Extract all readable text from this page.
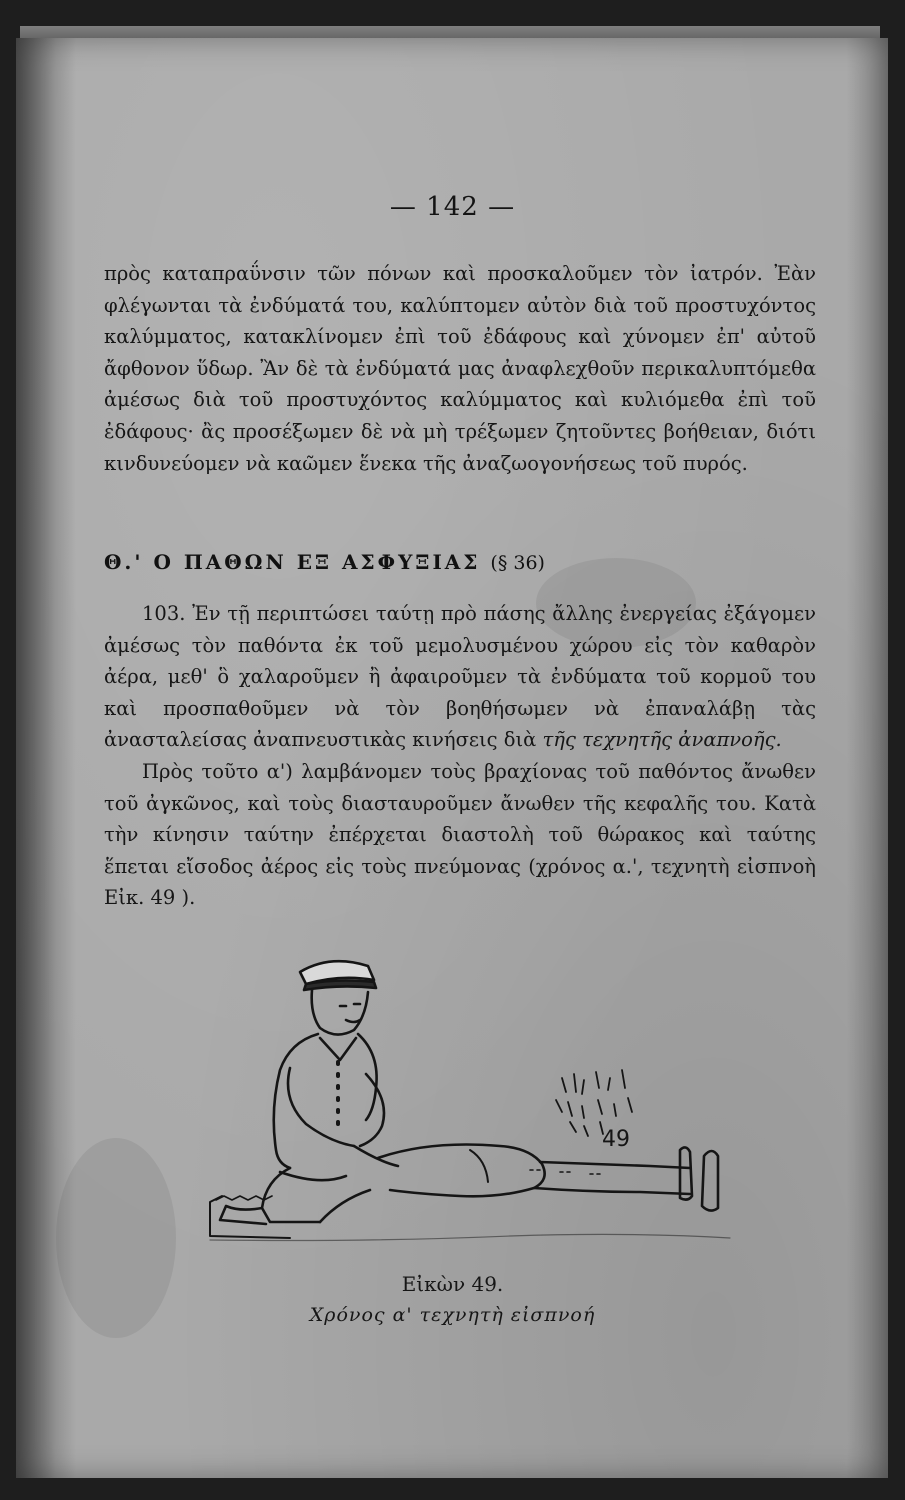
— 142 —

πρὸς καταπραΰνσιν τῶν πόνων καὶ προσκαλοῦμεν τὸν ἰατρόν. Ἐὰν φλέγωνται τὰ ἐνδύματά του, καλύπτομεν αὐτὸν διὰ τοῦ προστυχόντος καλύμματος, κατακλίνομεν ἐπὶ τοῦ ἐδάφους καὶ χύνομεν ἐπ' αὐτοῦ ἄφθονον ὕδωρ. Ἂν δὲ τὰ ἐνδύματά μας ἀναφλεχθοῦν περικαλυπτόμεθα ἀμέσως διὰ τοῦ προστυχόντος καλύμματος καὶ κυλιόμεθα ἐπὶ τοῦ ἐδάφους· ἂς προσέξωμεν δὲ νὰ μὴ τρέξωμεν ζητοῦντες βοήθειαν, διότι κινδυνεύομεν νὰ καῶμεν ἕνεκα τῆς ἀναζωογονήσεως τοῦ πυρός.

Θ.' Ο ΠΑΘΩΝ ΕΞ ΑΣΦΥΞΙΑΣ (§ 36)

103. Ἐν τῇ περιπτώσει ταύτῃ πρὸ πάσης ἄλλης ἐνεργείας ἐξάγομεν ἀμέσως τὸν παθόντα ἐκ τοῦ μεμολυσμένου χώρου εἰς τὸν καθαρὸν ἀέρα, μεθ' ὃ χαλαροῦμεν ἢ ἀφαιροῦμεν τὰ ἐνδύματα τοῦ κορμοῦ του καὶ προσπαθοῦμεν νὰ τὸν βοηθήσωμεν νὰ ἐπαναλάβῃ τὰς ἀνασταλείσας ἀναπνευστικὰς κινήσεις διὰ τῆς τεχνητῆς ἀναπνοῆς.

Πρὸς τοῦτο α') λαμβάνομεν τοὺς βραχίονας τοῦ παθόντος ἄνωθεν τοῦ ἀγκῶνος, καὶ τοὺς διασταυροῦμεν ἄνωθεν τῆς κεφαλῆς του. Κατὰ τὴν κίνησιν ταύτην ἐπέρχεται διαστολὴ τοῦ θώρακος καὶ ταύτης ἕπεται εἴσοδος ἀέρος εἰς τοὺς πνεύμονας (χρόνος α.', τεχνητὴ εἰσπνοὴ Εἰκ. 49 ).

49
Εἰκὼν 49.
Χρόνος α' τεχνητὴ εἰσπνοή
